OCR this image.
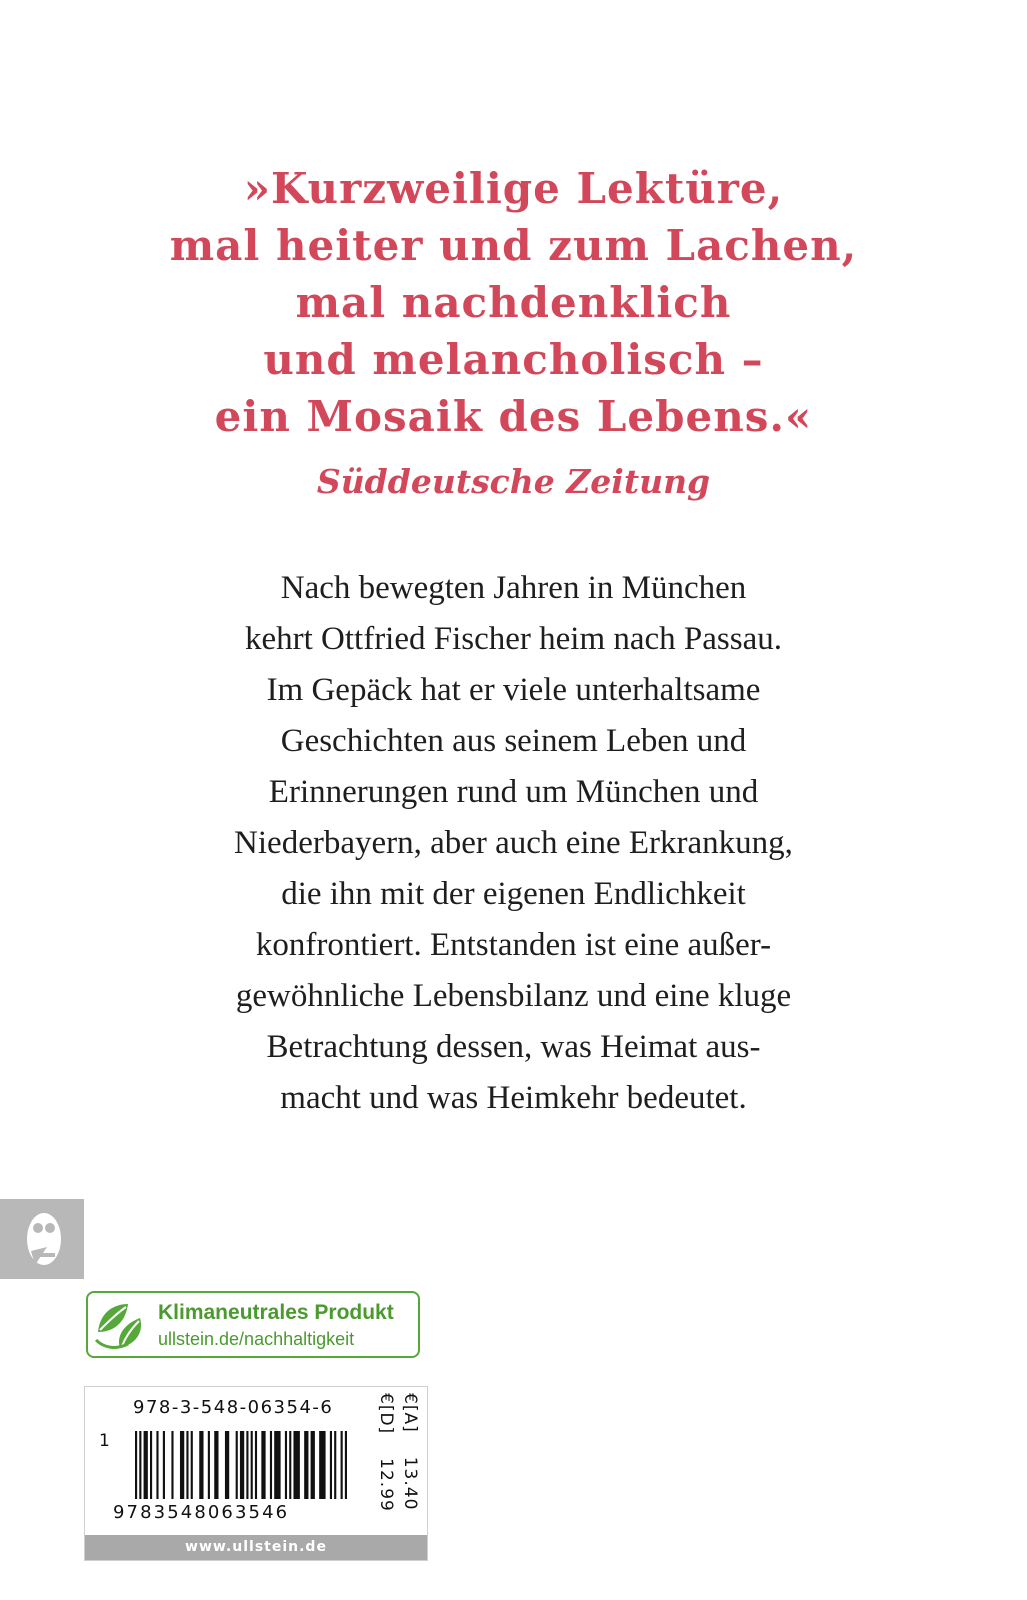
»Kurzweilige Lektüre,
mal heiter und zum Lachen,
mal nachdenklich
und melancholisch –
ein Mosaik des Lebens.«
Süddeutsche Zeitung
Nach bewegten Jahren in München
kehrt Ottfried Fischer heim nach Passau.
Im Gepäck hat er viele unterhaltsame
Geschichten aus seinem Leben und
Erinnerungen rund um München und
Niederbayern, aber auch eine Erkrankung,
die ihn mit der eigenen Endlichkeit
konfrontiert. Entstanden ist eine außer-
gewöhnliche Lebensbilanz und eine kluge
Betrachtung dessen, was Heimat aus-
macht und was Heimkehr bedeutet.
Klimaneutrales Produkt
ullstein.de/nachhaltigkeit
978-3-548-06354-6
1
9783548063546
€[D]12.99
€[A]13.40
www.ullstein.de
